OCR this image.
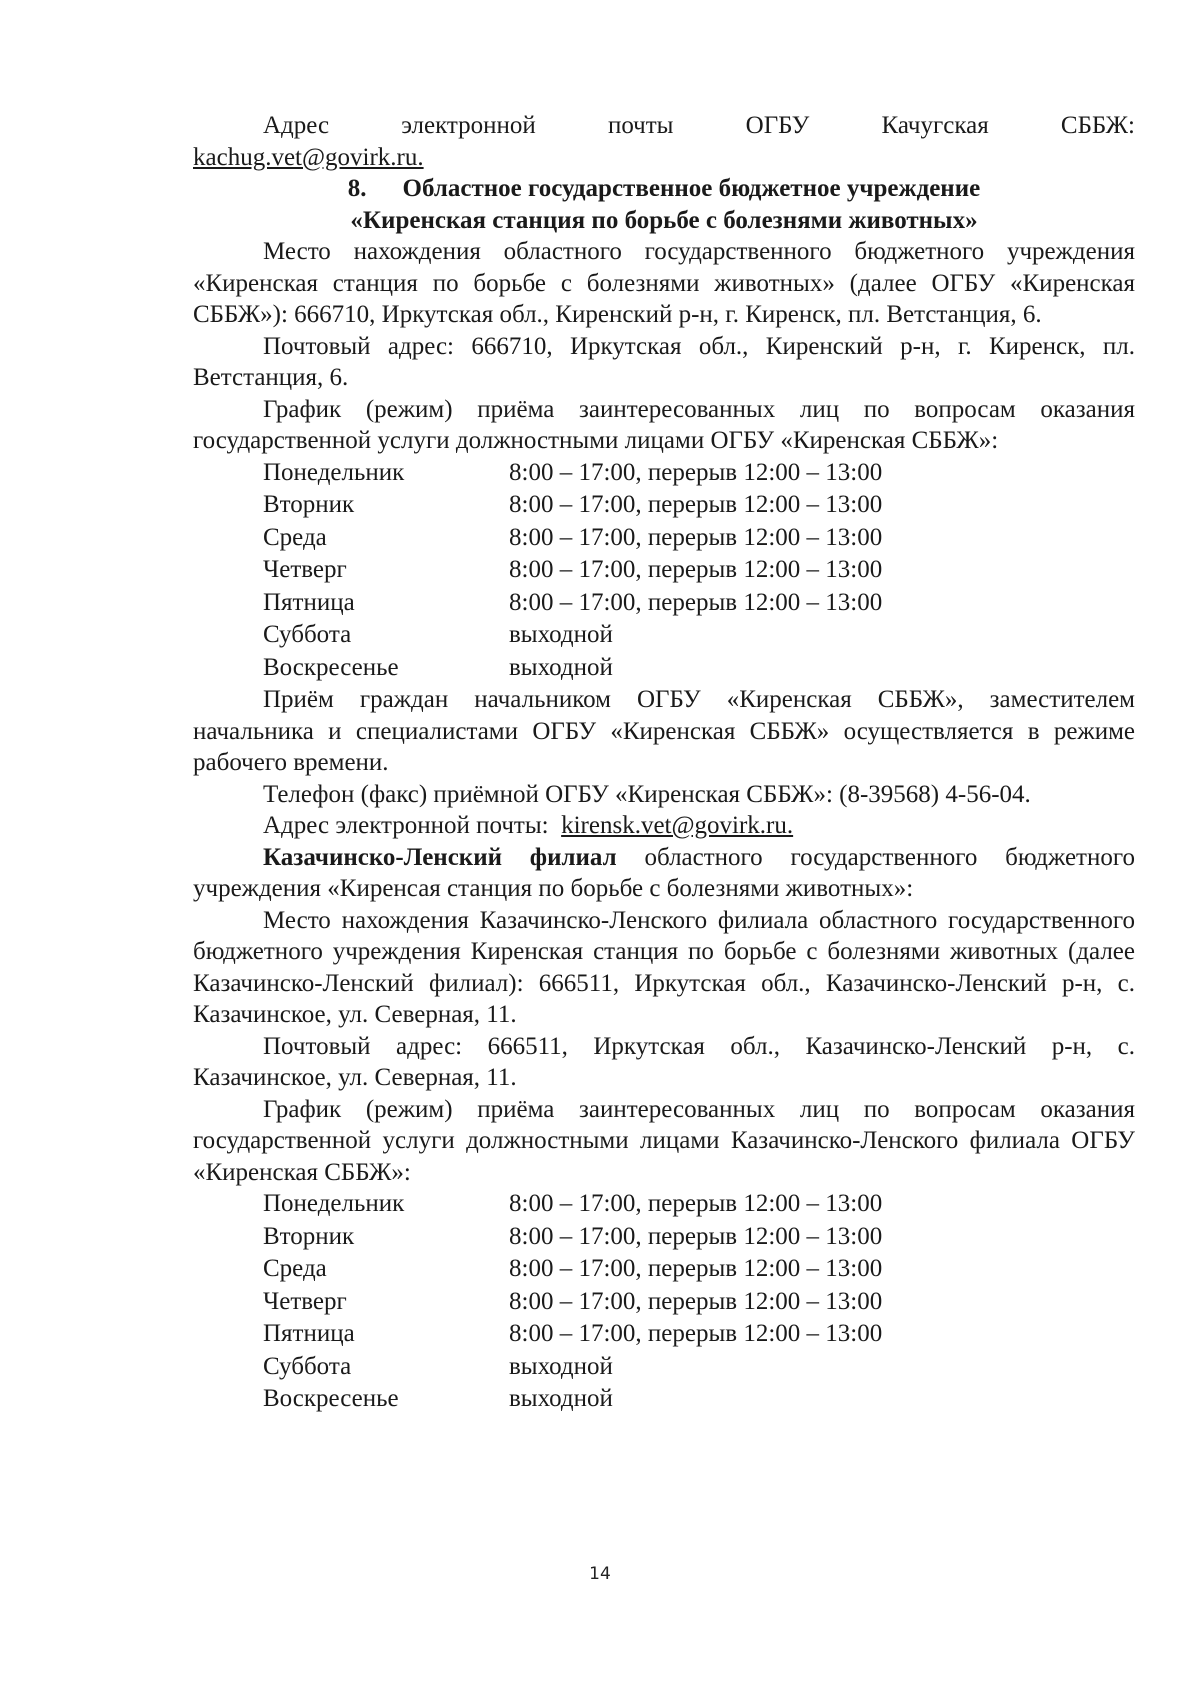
Адрес электронной почты ОГБУ Качугская СББЖ:

kachug.vet@govirk.ru.

8. Областное государственное бюджетное учреждение

«Киренская станция по борьбе с болезнями животных»

Место нахождения областного государственного бюджетного учреждения «Киренская станция по борьбе с болезнями животных» (далее ОГБУ «Киренская СББЖ»): 666710, Иркутская обл., Киренский р-н, г. Киренск, пл. Ветстанция, 6.

Почтовый адрес: 666710, Иркутская обл., Киренский р-н, г. Киренск, пл. Ветстанция, 6.

График (режим) приёма заинтересованных лиц по вопросам оказания государственной услуги должностными лицами ОГБУ «Киренская СББЖ»:

Понедельник	8:00 – 17:00, перерыв 12:00 – 13:00
Вторник	8:00 – 17:00, перерыв 12:00 – 13:00
Среда	8:00 – 17:00, перерыв 12:00 – 13:00
Четверг	8:00 – 17:00, перерыв 12:00 – 13:00
Пятница	8:00 – 17:00, перерыв 12:00 – 13:00
Суббота	выходной
Воскресенье	выходной

Приём граждан начальником ОГБУ «Киренская СББЖ», заместителем начальника и специалистами ОГБУ «Киренская СББЖ» осуществляется в режиме рабочего времени.

Телефон (факс) приёмной ОГБУ «Киренская СББЖ»: (8-39568) 4-56-04.

Адрес электронной почты: kirensk.vet@govirk.ru.

Казачинско-Ленский филиал областного государственного бюджетного учреждения «Киренсая станция по борьбе с болезнями животных»:

Место нахождения Казачинско-Ленского филиала областного государственного бюджетного учреждения Киренская станция по борьбе с болезнями животных (далее Казачинско-Ленский филиал): 666511, Иркутская обл., Казачинско-Ленский р-н, с. Казачинское, ул. Северная, 11.

Почтовый адрес: 666511, Иркутская обл., Казачинско-Ленский р-н, с. Казачинское, ул. Северная, 11.

График (режим) приёма заинтересованных лиц по вопросам оказания государственной услуги должностными лицами Казачинско-Ленского филиала ОГБУ «Киренская СББЖ»:

Понедельник	8:00 – 17:00, перерыв 12:00 – 13:00
Вторник	8:00 – 17:00, перерыв 12:00 – 13:00
Среда	8:00 – 17:00, перерыв 12:00 – 13:00
Четверг	8:00 – 17:00, перерыв 12:00 – 13:00
Пятница	8:00 – 17:00, перерыв 12:00 – 13:00
Суббота	выходной
Воскресенье	выходной
14
